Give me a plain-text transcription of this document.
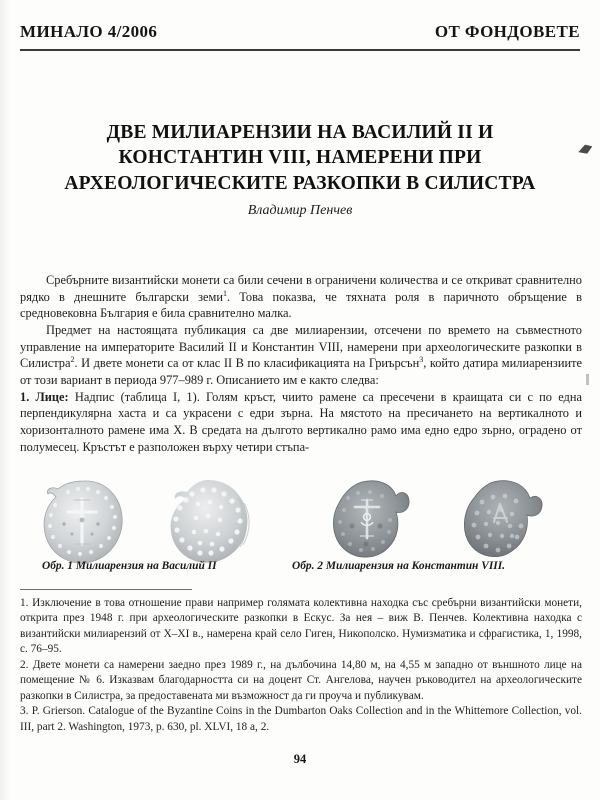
МИНАЛО 4/2006	ОТ ФОНДОВЕТЕ
ДВЕ МИЛИАРЕНЗИИ НА ВАСИЛИЙ II И КОНСТАНТИН VIII, НАМЕРЕНИ ПРИ АРХЕОЛОГИЧЕСКИТЕ РАЗКОПКИ В СИЛИСТРА
Владимир Пенчев

Сребърните византийски монети са били сечени в ограничени количества и се откриват сравнително рядко в днешните български земи$^1$. Това показва, че тяхната роля в паричното обръщение в средновековна България е била сравнително малка.

Предмет на настоящата публикация са две милиарензии, отсечени по времето на съвместното управление на императорите Василий II и Константин VIII, намерени при археологическите разкопки в Силистра$^2$. И двете монети са от клас II В по класификацията на Гриърсън$^3$, който датира милиарензиите от този вариант в периода 977–989 г. Описанието им е както следва:

1. Лице: Надпис (таблица I, 1). Голям кръст, чиито рамене са пресечени в краищата си с по една перпендикулярна хаста и са украсени с едри зърна. На мястото на пресичането на вертикалното и хоризонталното рамене има Х. В средата на дългото вертикално рамо има едно едро зърно, оградено от полумесец. Кръстът е разположен върху четири стъпа-

Обр. 1 Милиарензия на Василий II	Обр. 2 Милиарензия на Константин VIII.

1. Изключение в това отношение прави например голямата колективна находка със сребърни византийски монети, открита през 1948 г. при археологическите разкопки в Ескус. За нея – виж В. Пенчев. Колективна находка с византийски милиарензий от X–XI в., намерена край село Гиген, Никополско. Нумизматика и сфрагистика, 1, 1998, с. 76–95.

2. Двете монети са намерени заедно през 1989 г., на дълбочина 14,80 м, на 4,55 м западно от външното лице на помещение № 6. Изказвам благодарността си на доцент Ст. Ангелова, научен ръководител на археологическите разкопки в Силистра, за предоставената ми възможност да ги проуча и публикувам.

3. P. Grierson. Catalogue of the Byzantine Coins in the Dumbarton Oaks Collection and in the Whittemore Collection, vol. III, part 2. Washington, 1973, p. 630, pl. XLVI, 18 a, 2.

94
